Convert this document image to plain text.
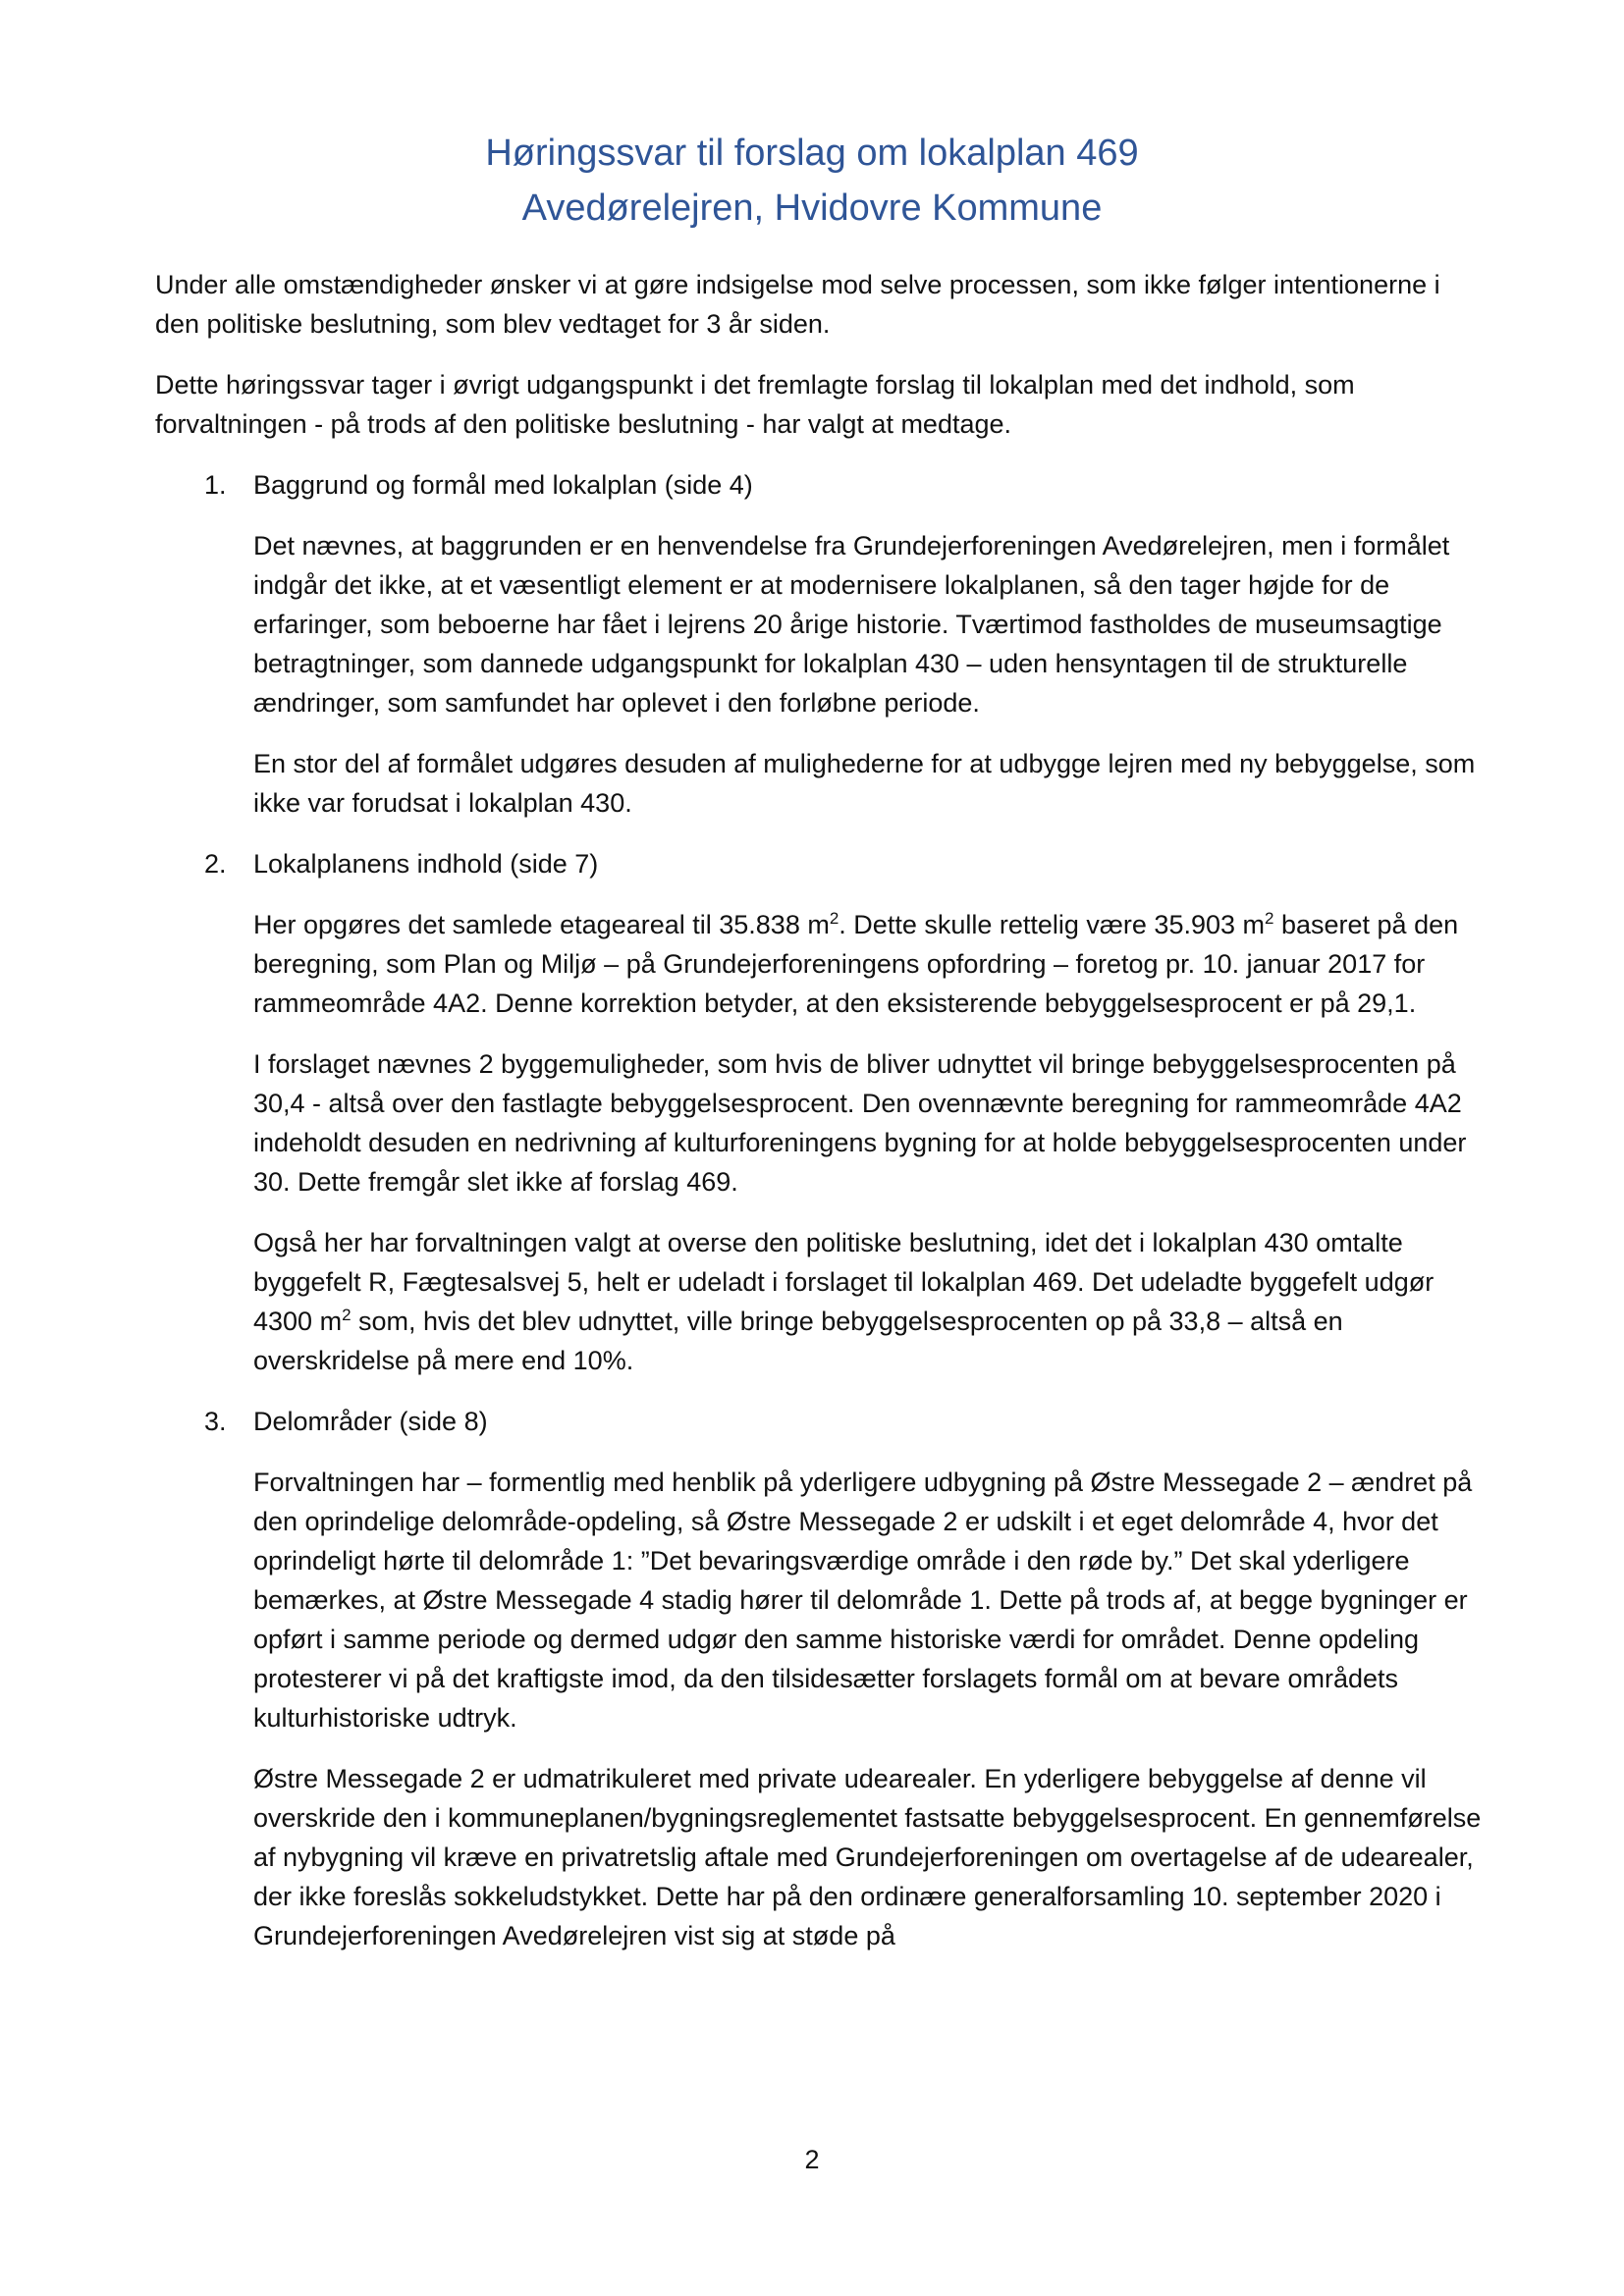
Høringssvar til forslag om lokalplan 469
Avedørelejren, Hvidovre Kommune

Under alle omstændigheder ønsker vi at gøre indsigelse mod selve processen, som ikke følger intentionerne i den politiske beslutning, som blev vedtaget for 3 år siden.

Dette høringssvar tager i øvrigt udgangspunkt i det fremlagte forslag til lokalplan med det indhold, som forvaltningen - på trods af den politiske beslutning - har valgt at medtage.

1.	Baggrund og formål med lokalplan (side 4)

Det nævnes, at baggrunden er en henvendelse fra Grundejerforeningen Avedørelejren, men i formålet indgår det ikke, at et væsentligt element er at modernisere lokalplanen, så den tager højde for de erfaringer, som beboerne har fået i lejrens 20 årige historie. Tværtimod fastholdes de museumsagtige betragtninger, som dannede udgangspunkt for lokalplan 430 – uden hensyntagen til de strukturelle ændringer, som samfundet har oplevet i den forløbne periode.

En stor del af formålet udgøres desuden af mulighederne for at udbygge lejren med ny bebyggelse, som ikke var forudsat i lokalplan 430.

2.	Lokalplanens indhold (side 7)

Her opgøres det samlede etageareal til 35.838 $m^2$. Dette skulle rettelig være 35.903 $m^2$ baseret på den beregning, som Plan og Miljø – på Grundejerforeningens opfordring – foretog pr. 10. januar 2017 for rammeområde 4A2. Denne korrektion betyder, at den eksisterende bebyggelsesprocent er på 29,1.

I forslaget nævnes 2 byggemuligheder, som hvis de bliver udnyttet vil bringe bebyggelsesprocenten på 30,4 - altså over den fastlagte bebyggelsesprocent. Den ovennævnte beregning for rammeområde 4A2 indeholdt desuden en nedrivning af kulturforeningens bygning for at holde bebyggelsesprocenten under 30. Dette fremgår slet ikke af forslag 469.

Også her har forvaltningen valgt at overse den politiske beslutning, idet det i lokalplan 430 omtalte byggefelt R, Fægtesalsvej 5, helt er udeladt i forslaget til lokalplan 469. Det udeladte byggefelt udgør 4300 $m^2$ som, hvis det blev udnyttet, ville bringe bebyggelsesprocenten op på 33,8 – altså en overskridelse på mere end 10%.

3.	Delområder (side 8)

Forvaltningen har – formentlig med henblik på yderligere udbygning på Østre Messegade 2 – ændret på den oprindelige delområde-opdeling, så Østre Messegade 2 er udskilt i et eget delområde 4, hvor det oprindeligt hørte til delområde 1: ”Det bevaringsværdige område i den røde by.” Det skal yderligere bemærkes, at Østre Messegade 4 stadig hører til delområde 1. Dette på trods af, at begge bygninger er opført i samme periode og dermed udgør den samme historiske værdi for området. Denne opdeling protesterer vi på det kraftigste imod, da den tilsidesætter forslagets formål om at bevare områdets kulturhistoriske udtryk.

Østre Messegade 2 er udmatrikuleret med private udearealer. En yderligere bebyggelse af denne vil overskride den i kommuneplanen/bygningsreglementet fastsatte bebyggelsesprocent. En gennemførelse af nybygning vil kræve en privatretslig aftale med Grundejerforeningen om overtagelse af de udearealer, der ikke foreslås sokkeludstykket. Dette har på den ordinære generalforsamling 10. september 2020 i Grundejerforeningen Avedørelejren vist sig at støde på

2
